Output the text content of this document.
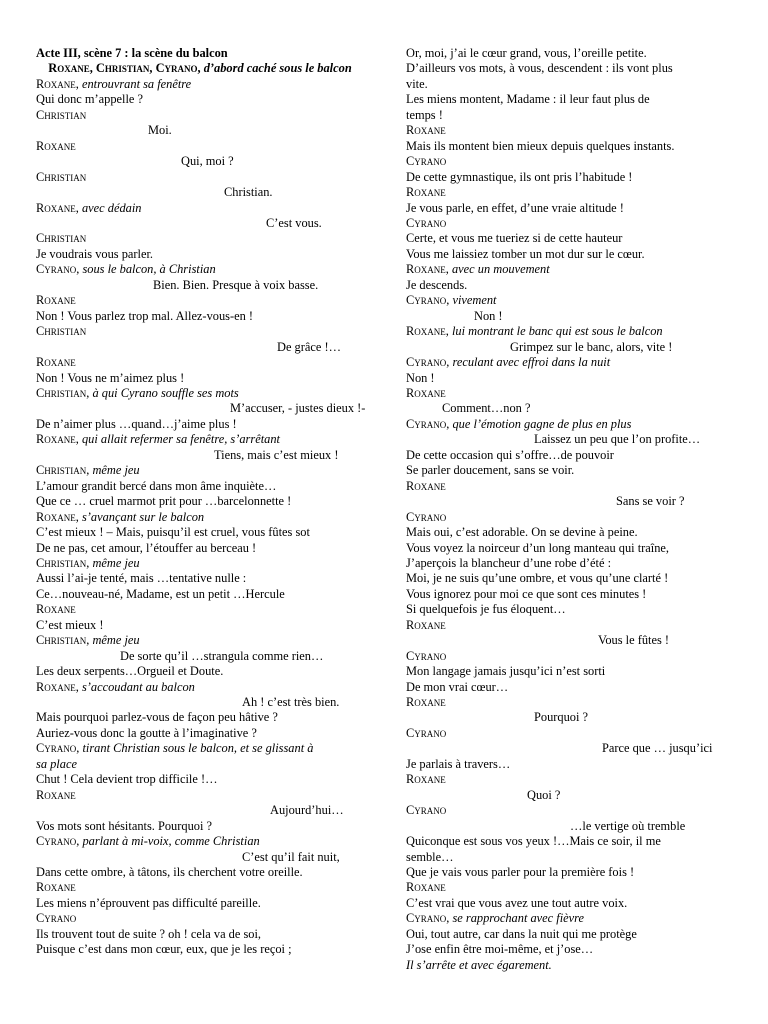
Acte III, scène 7 : la scène du balcon
Roxane, Christian, Cyrano, d’abord caché sous le balcon
Roxane, entrouvrant sa fenêtre
Qui donc m’appelle ?
Christian
Moi.
Roxane
Qui, moi ?
Christian
Christian.
Roxane, avec dédain
C’est vous.
Christian
Je voudrais vous parler.
Cyrano, sous le balcon, à Christian
Bien. Bien. Presque à voix basse.
Roxane
Non ! Vous parlez trop mal. Allez-vous-en !
Christian
De grâce !…
Roxane
Non ! Vous ne m’aimez plus !
Christian, à qui Cyrano souffle ses mots
M’accuser, - justes dieux !-
De n’aimer plus …quand…j’aime plus !
Roxane, qui allait refermer sa fenêtre, s’arrêtant
Tiens, mais c’est mieux !
Christian, même jeu
L’amour grandit bercé dans mon âme inquiète…
Que ce … cruel marmot prit pour …barcelonnette !
Roxane, s’avançant sur le balcon
C’est mieux ! – Mais, puisqu’il est cruel, vous fûtes sot
De ne pas, cet amour, l’étouffer au berceau !
Christian, même jeu
Aussi l’ai-je tenté, mais …tentative nulle :
Ce…nouveau-né, Madame, est un petit …Hercule
Roxane
C’est mieux !
Christian, même jeu
De sorte qu’il …strangula comme rien…
Les deux serpents…Orgueil et Doute.
Roxane, s’accoudant au balcon
Ah ! c’est très bien.
Mais pourquoi parlez-vous de façon peu hâtive ?
Auriez-vous donc la goutte à l’imaginative ?
Cyrano, tirant Christian sous le balcon, et se glissant à
sa place
Chut ! Cela devient trop difficile !…
Roxane
Aujourd’hui…
Vos mots sont hésitants. Pourquoi ?
Cyrano, parlant à mi-voix, comme Christian
C’est qu’il fait nuit,
Dans cette ombre, à tâtons, ils cherchent votre oreille.
Roxane
Les miens n’éprouvent pas difficulté pareille.
Cyrano
Ils trouvent tout de suite ? oh ! cela va de soi,
Puisque c’est dans mon cœur, eux, que je les reçoi ;
Or, moi, j’ai le cœur grand, vous, l’oreille petite.
D’ailleurs vos mots, à vous, descendent : ils vont plus
vite.
Les miens montent, Madame : il leur faut plus de
temps !
Roxane
Mais ils montent bien mieux depuis quelques instants.
Cyrano
De cette gymnastique, ils ont pris l’habitude !
Roxane
Je vous parle, en effet, d’une vraie altitude !
Cyrano
Certe, et vous me tueriez si de cette hauteur
Vous me laissiez tomber un mot dur sur le cœur.
Roxane, avec un mouvement
Je descends.
Cyrano, vivement
Non !
Roxane, lui montrant le banc qui est sous le balcon
Grimpez sur le banc, alors, vite !
Cyrano, reculant avec effroi dans la nuit
Non !
Roxane
Comment…non ?
Cyrano, que l’émotion gagne de plus en plus
Laissez un peu que l’on profite…
De cette occasion qui s’offre…de pouvoir
Se parler doucement, sans se voir.
Roxane
Sans se voir ?
Cyrano
Mais oui, c’est adorable. On se devine à peine.
Vous voyez la noirceur d’un long manteau qui traîne,
J’aperçois la blancheur d’une robe d’été :
Moi, je ne suis qu’une ombre, et vous qu’une clarté !
Vous ignorez pour moi ce que sont ces minutes !
Si quelquefois je fus éloquent…
Roxane
Vous le fûtes !
Cyrano
Mon langage jamais jusqu’ici n’est sorti
De mon vrai cœur…
Roxane
Pourquoi ?
Cyrano
Parce que … jusqu’ici
Je parlais à travers…
Roxane
Quoi ?
Cyrano
…le vertige où tremble
Quiconque est sous vos yeux !…Mais ce soir, il me
semble…
Que je vais vous parler pour la première fois !
Roxane
C’est vrai que vous avez une tout autre voix.
Cyrano, se rapprochant avec fièvre
Oui, tout autre, car dans la nuit qui me protège
J’ose enfin être moi-même, et j’ose…
Il s’arrête et avec égarement.
